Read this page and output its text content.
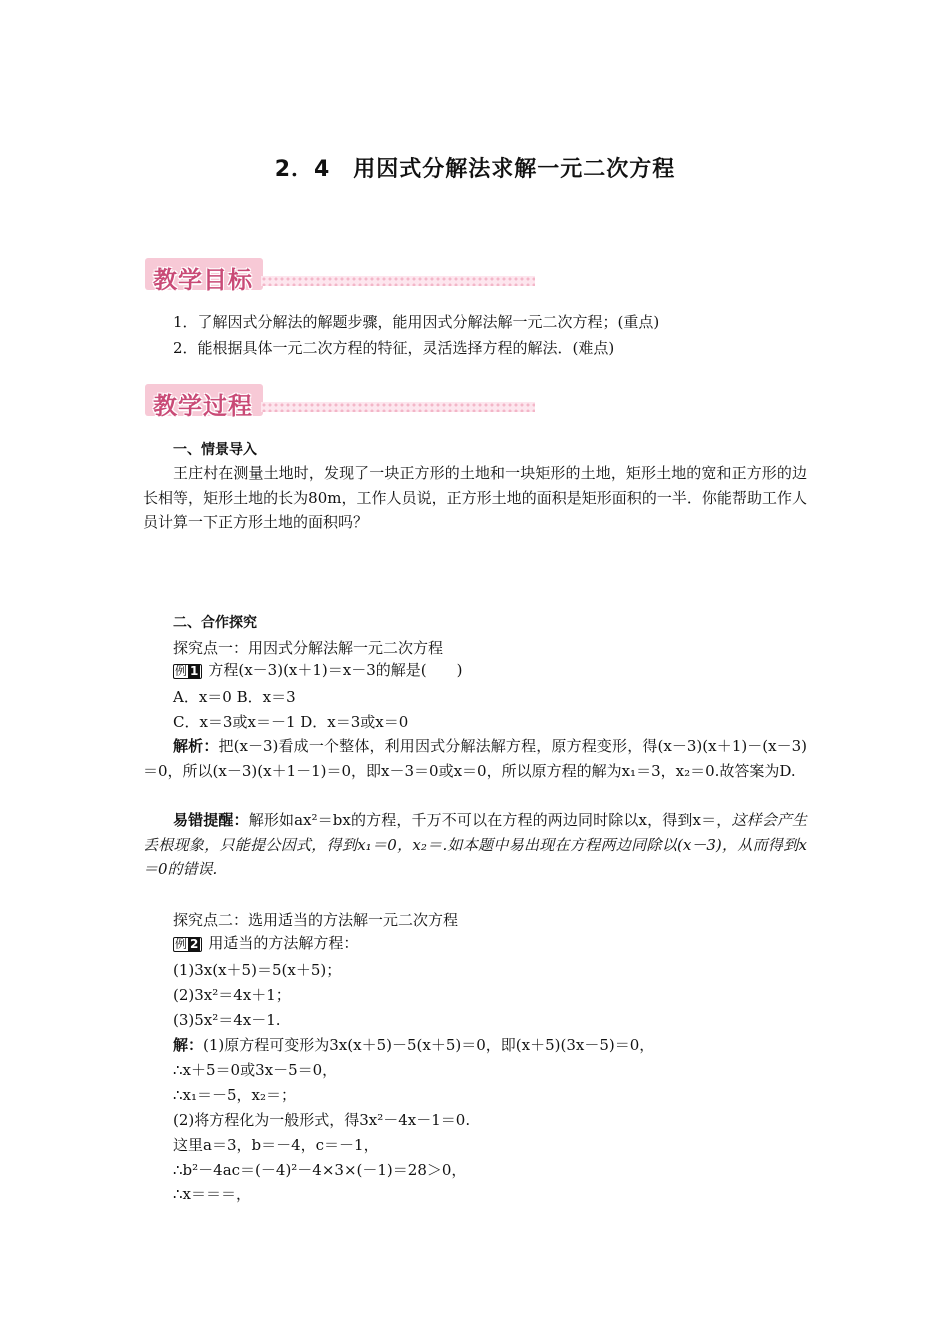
2．4　用因式分解法求解一元二次方程
教学目标
1．了解因式分解法的解题步骤，能用因式分解法解一元二次方程；(重点)
2．能根据具体一元二次方程的特征，灵活选择方程的解法．(难点)
教学过程
一、情景导入
王庄村在测量土地时，发现了一块正方形的土地和一块矩形的土地，矩形土地的宽和正方形的边长相等，矩形土地的长为80m，工作人员说，正方形土地的面积是矩形面积的一半．你能帮助工作人员计算一下正方形土地的面积吗？
二、合作探究
探究点一：用因式分解法解一元二次方程
例 1 方程(x－3)(x＋1)＝x－3的解是(　　)
A．x＝0 B．x＝3
C．x＝3或x＝－1 D．x＝3或x＝0
解析：把(x－3)看成一个整体，利用因式分解法解方程，原方程变形，得(x－3)(x＋1)－(x－3)＝0，所以(x－3)(x＋1－1)＝0，即x－3＝0或x＝0，所以原方程的解为x₁＝3，x₂＝0.故答案为D.
易错提醒：解形如ax²＝bx的方程，千万不可以在方程的两边同时除以x，得到x＝，这样会产生丢根现象，只能提公因式，得到x₁＝0，x₂＝.如本题中易出现在方程两边同除以(x－3)，从而得到x＝0的错误.
探究点二：选用适当的方法解一元二次方程
例 2 用适当的方法解方程：
(1)3x(x＋5)＝5(x＋5)；
(2)3x²＝4x＋1；
(3)5x²＝4x－1.
解：(1)原方程可变形为3x(x＋5)－5(x＋5)＝0，即(x＋5)(3x－5)＝0，
∴x＋5＝0或3x－5＝0，
∴x₁＝－5，x₂＝；
(2)将方程化为一般形式，得3x²－4x－1＝0.
这里a＝3，b＝－4，c＝－1，
∴b²－4ac＝(－4)²－4×3×(－1)＝28＞0，
∴x＝＝＝，
